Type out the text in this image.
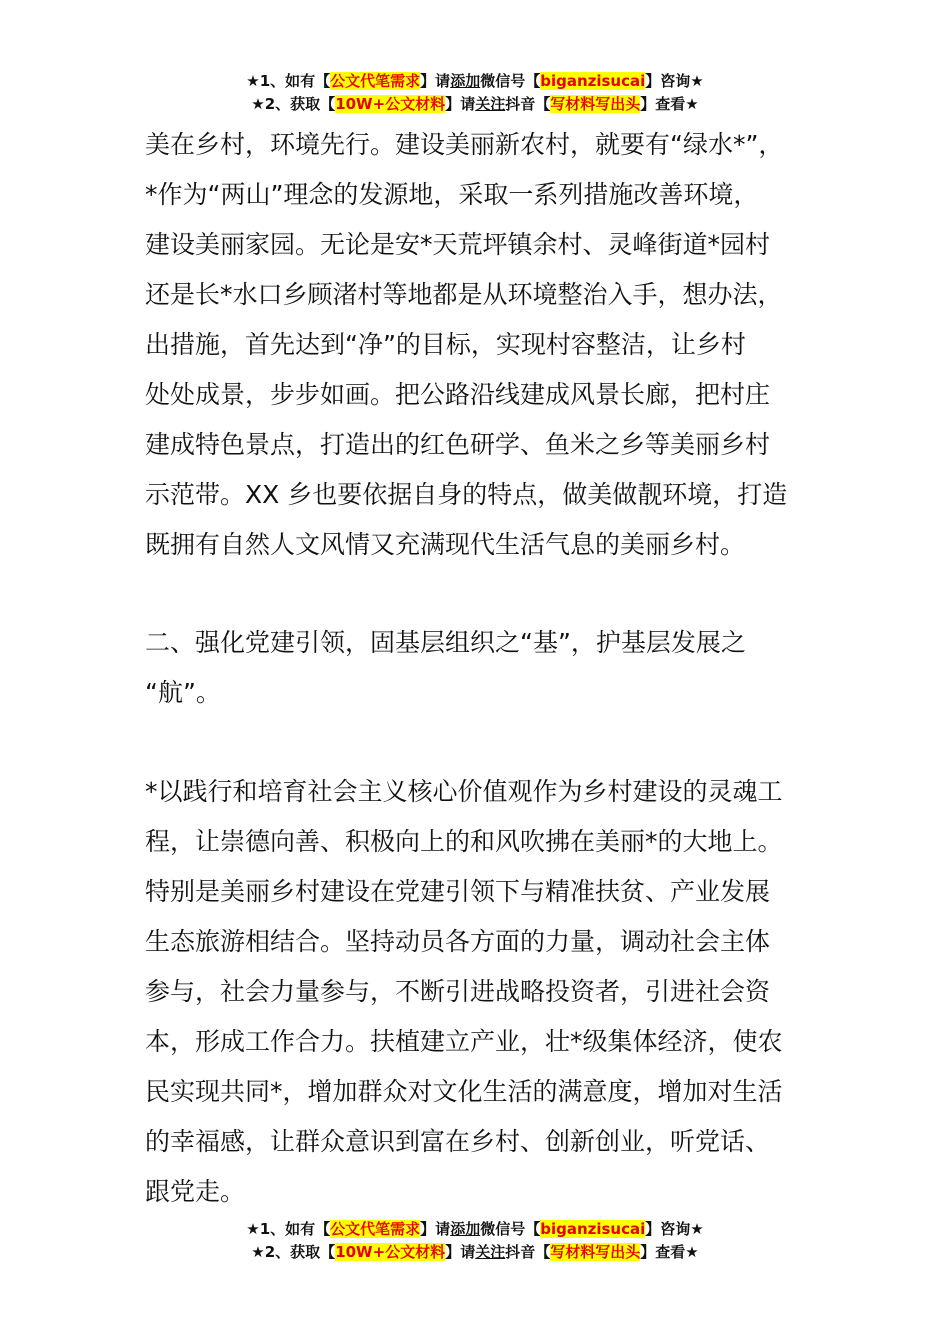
★1、如有【公文代笔需求】请添加微信号【biganzisucai】咨询★
★2、获取【10W+公文材料】请关注抖音【写材料写出头】查看★
美在乡村，环境先行。建设美丽新农村，就要有“绿水*”，
*作为“两山”理念的发源地，采取一系列措施改善环境，
建设美丽家园。无论是安*天荒坪镇余村、灵峰街道*园村
还是长*水口乡顾渚村等地都是从环境整治入手，想办法，
出措施，首先达到“净”的目标，实现村容整洁，让乡村
处处成景，步步如画。把公路沿线建成风景长廊，把村庄
建成特色景点，打造出的红色研学、鱼米之乡等美丽乡村
示范带。XX 乡也要依据自身的特点，做美做靓环境，打造
既拥有自然人文风情又充满现代生活气息的美丽乡村。
二、强化党建引领，固基层组织之“基”，护基层发展之
“航”。
*以践行和培育社会主义核心价值观作为乡村建设的灵魂工
程，让崇德向善、积极向上的和风吹拂在美丽*的大地上。
特别是美丽乡村建设在党建引领下与精准扶贫、产业发展
生态旅游相结合。坚持动员各方面的力量，调动社会主体
参与，社会力量参与，不断引进战略投资者，引进社会资
本，形成工作合力。扶植建立产业，壮*级集体经济，使农
民实现共同*，增加群众对文化生活的满意度，增加对生活
的幸福感，让群众意识到富在乡村、创新创业，听党话、
跟党走。
★1、如有【公文代笔需求】请添加微信号【biganzisucai】咨询★
★2、获取【10W+公文材料】请关注抖音【写材料写出头】查看★
